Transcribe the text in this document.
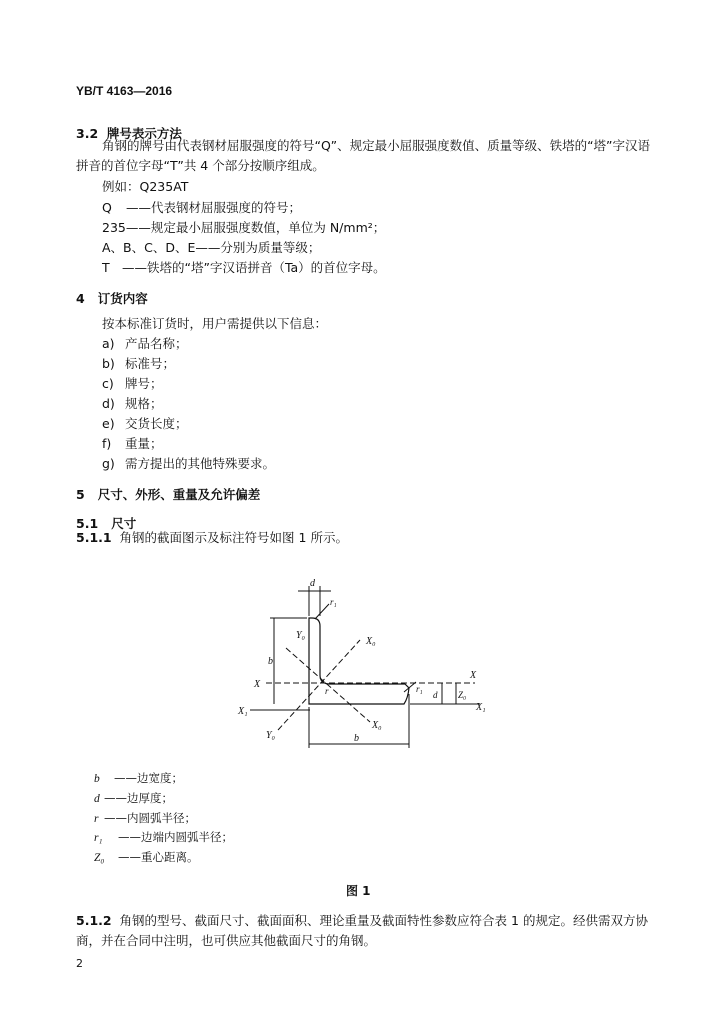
YB/T 4163—2016
3.2 牌号表示方法
角钢的牌号由代表钢材屈服强度的符号“Q”、规定最小屈服强度数值、质量等级、铁塔的“塔”字汉语
拼音的首位字母“T”共 4 个部分按顺序组成。
例如：Q235AT
Q ——代表钢材屈服强度的符号；
235——规定最小屈服强度数值，单位为 N/mm²；
A、B、C、D、E——分别为质量等级；
T ——铁塔的“塔”字汉语拼音（Ta）的首位字母。
4 订货内容
按本标准订货时，用户需提供以下信息：
a) 产品名称；
b) 标准号；
c) 牌号；
d) 规格；
e) 交货长度；
f) 重量；
g) 需方提出的其他特殊要求。
5 尺寸、外形、重量及允许偏差
5.1 尺寸
5.1.1 角钢的截面图示及标注符号如图 1 所示。
d
r₁
Y₀
X₀
b
X
X₁
r	r₁
X
X₁
d Z₀
Y₀
X₀
b
b ——边宽度；
d ——边厚度；
r ——内圆弧半径；
r₁ ——边端内圆弧半径；
Z₀ ——重心距离。
图 1
5.1.2 角钢的型号、截面尺寸、截面面积、理论重量及截面特性参数应符合表 1 的规定。经供需双方协
商，并在合同中注明，也可供应其他截面尺寸的角钢。
2
